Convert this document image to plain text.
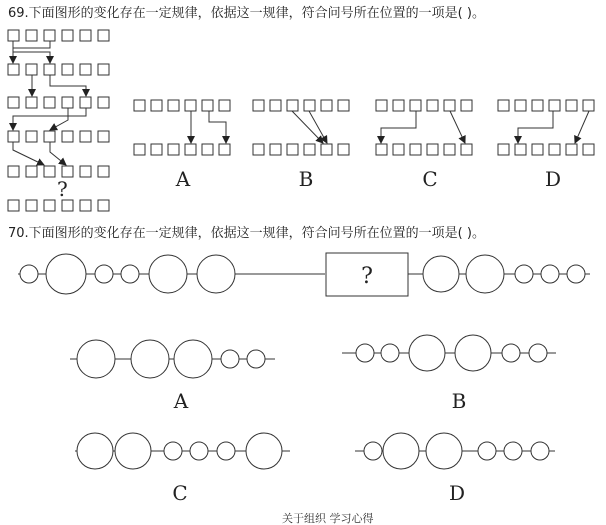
69.下面图形的变化存在一定规律，依据这一规律，符合问号所在位置的一项是( )。
70.下面图形的变化存在一定规律，依据这一规律，符合问号所在位置的一项是( )。
?	A	B	C	D
?
A	B
C	D
关于组织 学习心得
